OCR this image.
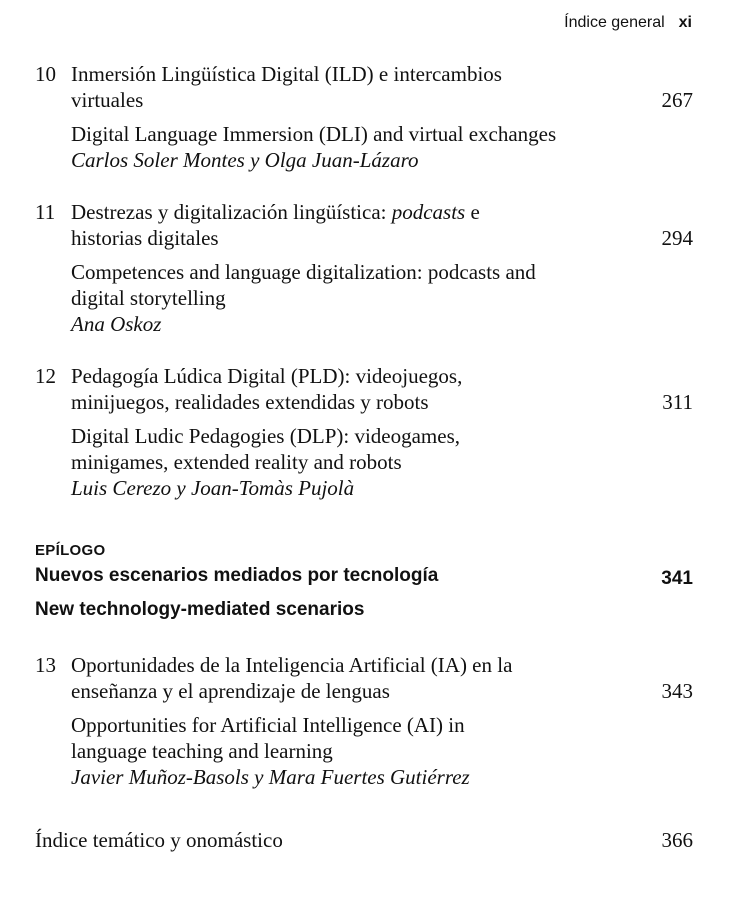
Índice general xi
10
267
Inmersión Lingüística Digital (ILD) e intercambios
virtuales
Digital Language Immersion (DLI) and virtual exchanges
Carlos Soler Montes y Olga Juan-Lázaro
11
294
Destrezas y digitalización lingüística: podcasts e
historias digitales
Competences and language digitalization: podcasts and
digital storytelling
Ana Oskoz
12
311
Pedagogía Lúdica Digital (PLD): videojuegos,
minijuegos, realidades extendidas y robots
Digital Ludic Pedagogies (DLP): videogames,
minigames, extended reality and robots
Luis Cerezo y Joan-Tomàs Pujolà
EPÍLOGO
Nuevos escenarios mediados por tecnología
New technology-mediated scenarios
341
13
343
Oportunidades de la Inteligencia Artificial (IA) en la
enseñanza y el aprendizaje de lenguas
Opportunities for Artificial Intelligence (AI) in
language teaching and learning
Javier Muñoz-Basols y Mara Fuertes Gutiérrez
Índice temático y onomástico	366
